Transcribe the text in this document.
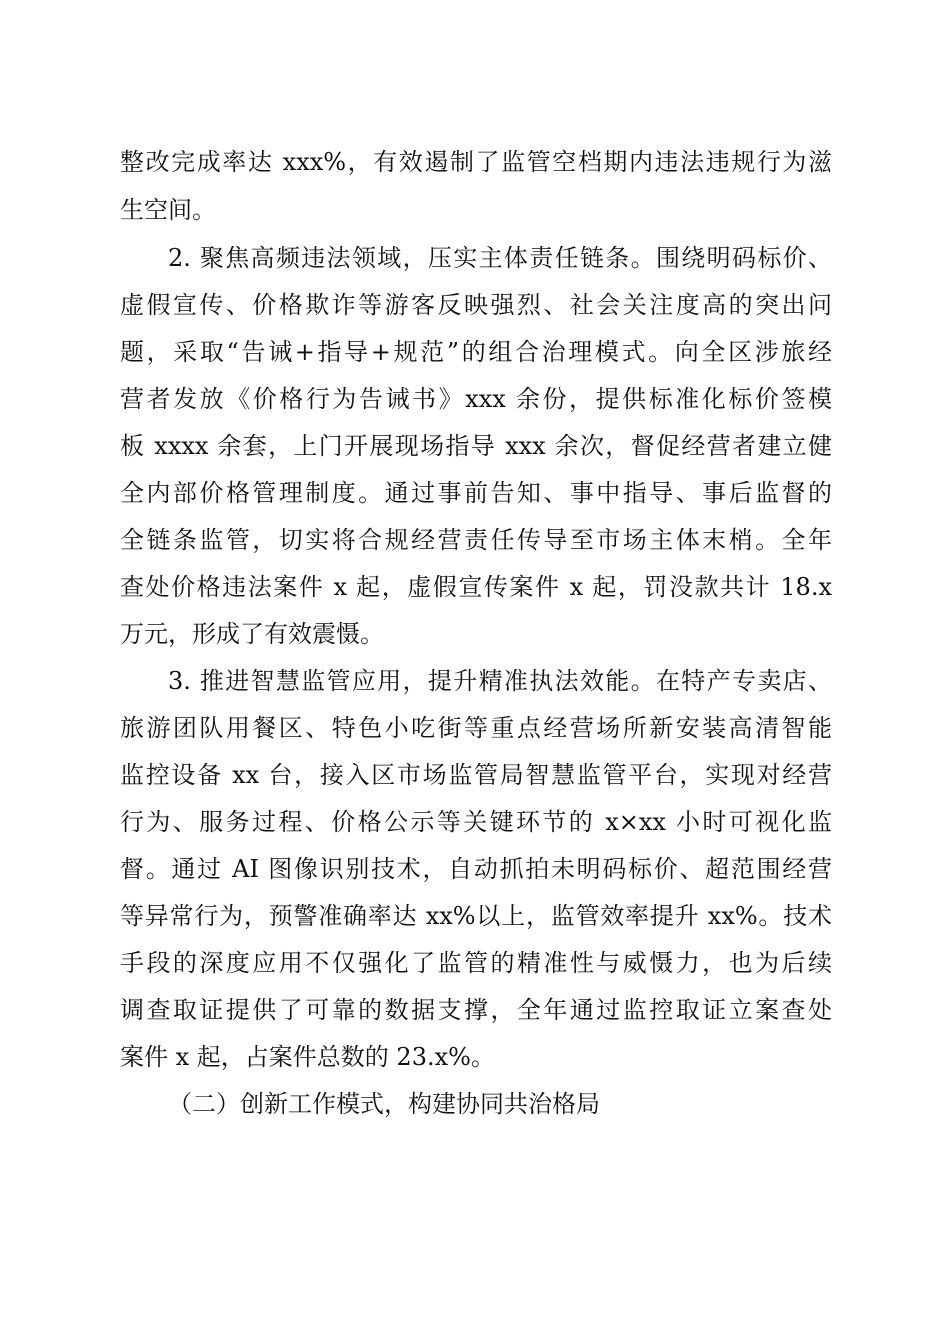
整改完成率达 xxx%，有效遏制了监管空档期内违法违规行为滋
生空间。
2. 聚焦高频违法领域，压实主体责任链条。围绕明码标价、
虚假宣传、价格欺诈等游客反映强烈、社会关注度高的突出问
题，采取“告诫+指导+规范”的组合治理模式。向全区涉旅经
营者发放《价格行为告诫书》xxx 余份，提供标准化标价签模
板 xxxx 余套，上门开展现场指导 xxx 余次，督促经营者建立健
全内部价格管理制度。通过事前告知、事中指导、事后监督的
全链条监管，切实将合规经营责任传导至市场主体末梢。全年
查处价格违法案件 x 起，虚假宣传案件 x 起，罚没款共计 18.x
万元，形成了有效震慑。
3. 推进智慧监管应用，提升精准执法效能。在特产专卖店、
旅游团队用餐区、特色小吃街等重点经营场所新安装高清智能
监控设备 xx 台，接入区市场监管局智慧监管平台，实现对经营
行为、服务过程、价格公示等关键环节的 x×xx 小时可视化监
督。通过 AI 图像识别技术，自动抓拍未明码标价、超范围经营
等异常行为，预警准确率达 xx%以上，监管效率提升 xx%。技术
手段的深度应用不仅强化了监管的精准性与威慑力，也为后续
调查取证提供了可靠的数据支撑，全年通过监控取证立案查处
案件 x 起，占案件总数的 23.x%。
（二）创新工作模式，构建协同共治格局
